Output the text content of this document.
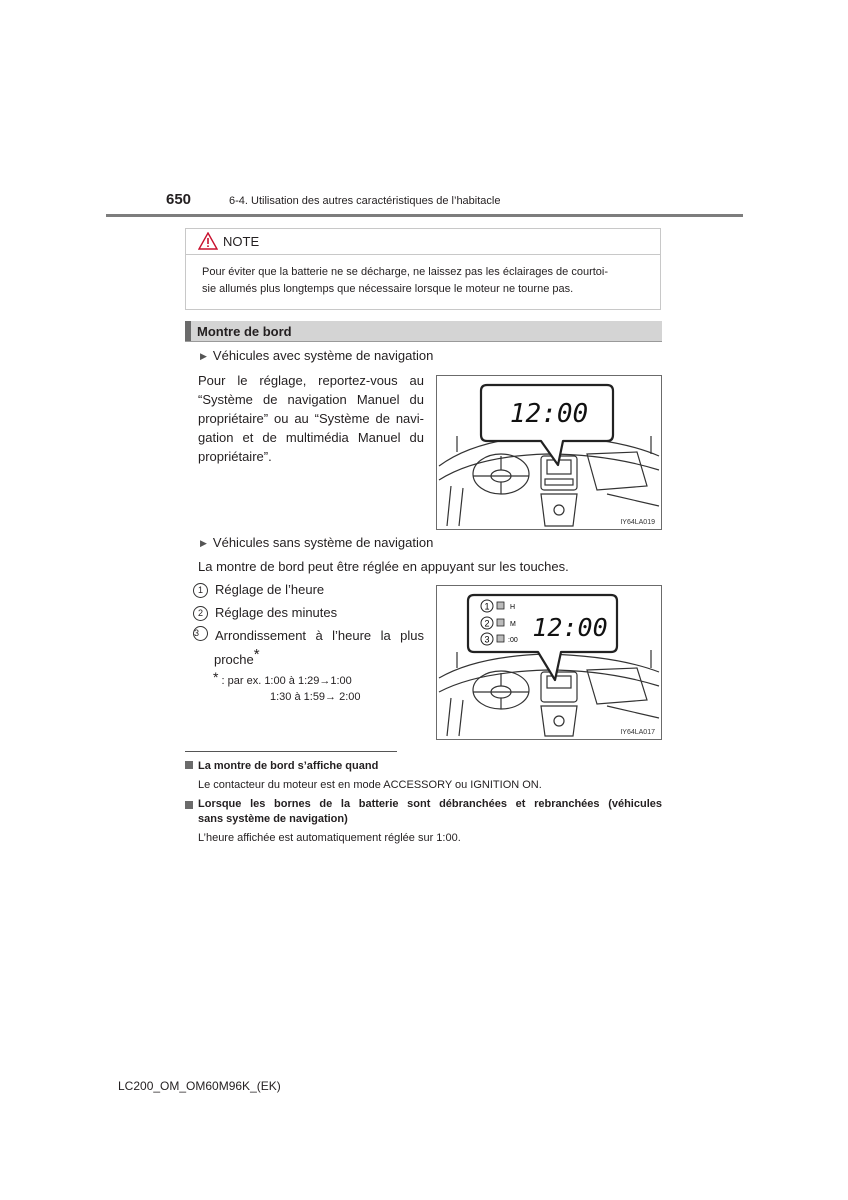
650	6-4. Utilisation des autres caractéristiques de l’habitacle
NOTE
Pour éviter que la batterie ne se décharge, ne laissez pas les éclairages de courtoi-
sie allumés plus longtemps que nécessaire lorsque le moteur ne tourne pas.
Montre de bord
▶ Véhicules avec système de navigation
Pour le réglage, reportez-vous au
“Système de navigation Manuel du
propriétaire” ou au “Système de navi-
gation et de multimédia Manuel du
propriétaire”.
12:00
IY64LA019
▶ Véhicules sans système de navigation
La montre de bord peut être réglée en appuyant sur les touches.
1 Réglage de l’heure
2 Réglage des minutes
3	Arrondissement à l’heure la plus
proche*
* : par ex. 1:00 à 1:29→1:00
1:30 à 1:59→ 2:00
1	H
2	M
3	:00 12:00
IY64LA017
La montre de bord s’affiche quand
Le contacteur du moteur est en mode ACCESSORY ou IGNITION ON.
Lorsque les bornes de la batterie sont débranchées et rebranchées (véhicules
sans système de navigation)
L’heure affichée est automatiquement réglée sur 1:00.
LC200_OM_OM60M96K_(EK)
